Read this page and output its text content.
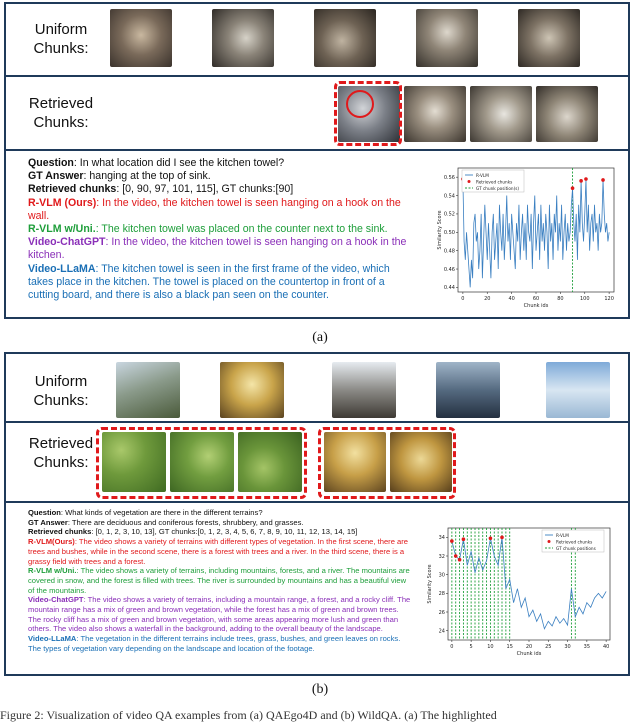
Uniform Chunks:
Retrieved Chunks:
Question: In what location did I see the kitchen towel?
GT Answer: hanging at the top of sink.
Retrieved chunks: [0, 90, 97, 101, 115], GT chunks:[90]
R-VLM (Ours): In the video, the kitchen towel is seen hanging on a hook on the wall.
R-VLM w/Uni.: The kitchen towel was placed on the counter next to the sink.
Video-ChatGPT: In the video, the kitchen towel is seen hanging on a hook in the kitchen.
Video-LLaMA: The kitchen towel is seen in the first frame of the video, which takes place in the kitchen. The towel is placed on the countertop in front of a cutting board, and there is also a black pan seen on the counter.	0	20	40	60	80	100	120
0.44
0.46
0.48
0.50
0.52
0.54
0.56
Chunk ids
Similarity Score
R-VLM
Retrieved chunks
GT chunk position(s)
(a)
Uniform Chunks:
Retrieved Chunks:
Question: What kinds of vegetation are there in the different terrains?
GT Answer: There are deciduous and coniferous forests, shrubbery, and grasses.
Retrieved chunks: [0, 1, 2, 3, 10, 13], GT chunks:[0, 1, 2, 3, 4, 5, 6, 7, 8, 9, 10, 11, 12, 13, 14, 15]
R-VLM(Ours): The video shows a variety of terrains with different types of vegetation. In the first scene, there are trees and bushes, while in the second scene, there is a forest with trees and a river. In the third scene, there is a grassy field with trees and a forest.
R-VLM w/Uni.: The video shows a variety of terrains, including mountains, forests, and a river. The mountains are covered in snow, and the forest is filled with trees. The river is surrounded by mountains and has a beautiful view of the mountains.
Video-ChatGPT: The video shows a variety of terrains, including a mountain range, a forest, and a rocky cliff. The mountain range has a mix of green and brown vegetation, while the forest has a mix of green and brown trees. The rocky cliff has a mix of green and brown vegetation, with some areas appearing more lush and green than others. The video also shows a waterfall in the background, adding to the overall beauty of the landscape.
Video-LLaMA: The vegetation in the different terrains include trees, grass, bushes, and green leaves on rocks. The types of vegetation vary depending on the landscape and location of the footage.	0	5	10	15	20	25	30	35	40
24
26
28
30
32
34
Chunk ids
Similarity Score
R-VLM
Retrieved chunks
GT chunk positions
(b)
Figure 2: Visualization of video QA examples from (a) QAEgo4D and (b) WildQA. (a) The highlighted
